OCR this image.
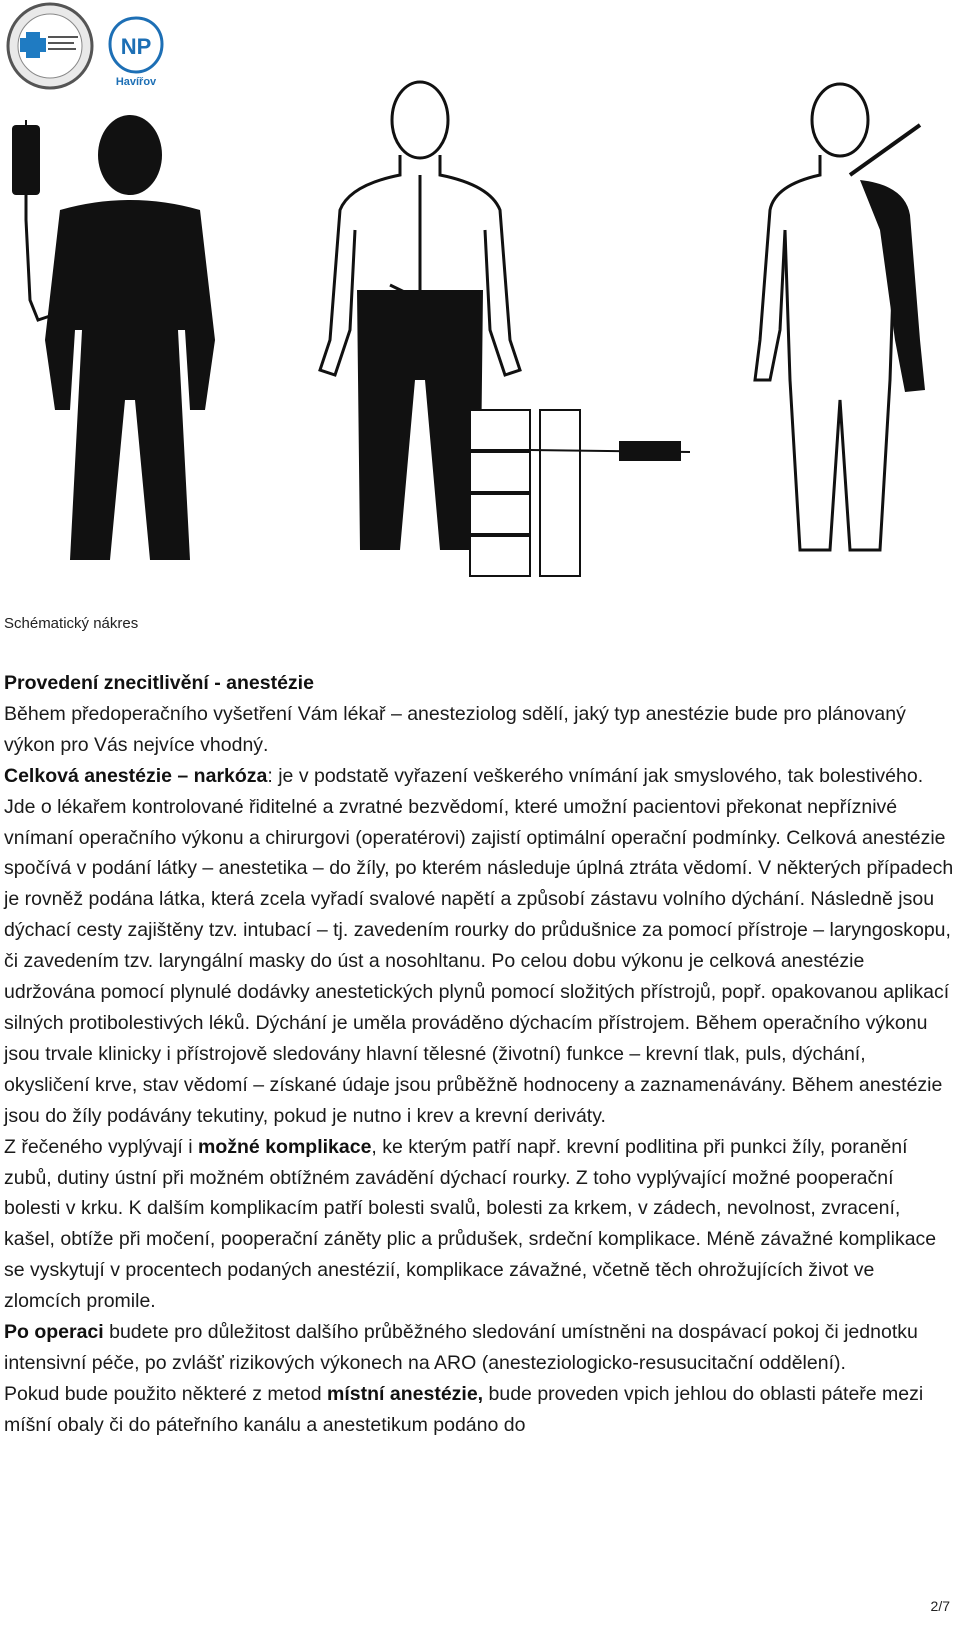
NP
Havířov
Schématický nákres

Provedení znecitlivění - anestézie

Během předoperačního vyšetření Vám lékař – anesteziolog sdělí, jaký typ anestézie bude pro plánovaný výkon pro Vás nejvíce vhodný.

Celková anestézie – narkóza: je v podstatě vyřazení veškerého vnímání jak smyslového, tak bolestivého. Jde o lékařem kontrolované řiditelné a zvratné bezvědomí, které umožní pacientovi překonat nepříznivé vnímaní operačního výkonu a chirurgovi (operatérovi) zajistí optimální operační podmínky. Celková anestézie spočívá v podání látky – anestetika – do žíly, po kterém následuje úplná ztráta vědomí. V některých případech je rovněž podána látka, která zcela vyřadí svalové napětí a způsobí zástavu volního dýchání. Následně jsou dýchací cesty zajištěny tzv. intubací – tj. zavedením rourky do průdušnice za pomocí přístroje – laryngoskopu, či zavedením tzv. laryngální masky do úst a nosohltanu. Po celou dobu výkonu je celková anestézie udržována pomocí plynulé dodávky anestetických plynů pomocí složitých přístrojů, popř. opakovanou aplikací silných protibolestivých léků. Dýchání je uměla prováděno dýchacím přístrojem. Během operačního výkonu jsou trvale klinicky i přístrojově sledovány hlavní tělesné (životní) funkce – krevní tlak, puls, dýchání, okysličení krve, stav vědomí – získané údaje jsou průběžně hodnoceny a zaznamenávány. Během anestézie jsou do žíly podávány tekutiny, pokud je nutno i krev a krevní deriváty.

Z řečeného vyplývají i možné komplikace, ke kterým patří např. krevní podlitina při punkci žíly, poranění zubů, dutiny ústní při možném obtížném zavádění dýchací rourky. Z toho vyplývající možné pooperační bolesti v krku. K dalším komplikacím patří bolesti svalů, bolesti za krkem, v zádech, nevolnost, zvracení, kašel, obtíže při močení, pooperační záněty plic a průdušek, srdeční komplikace. Méně závažné komplikace se vyskytují v procentech podaných anestézií, komplikace závažné, včetně těch ohrožujících život ve zlomcích promile.

Po operaci budete pro důležitost dalšího průběžného sledování umístněni na dospávací pokoj či jednotku intensivní péče, po zvlášť rizikových výkonech na ARO (anesteziologicko-resusucitační oddělení).

Pokud bude použito některé z metod místní anestézie, bude proveden vpich jehlou do oblasti páteře mezi míšní obaly či do páteřního kanálu a anestetikum podáno do

2/7
